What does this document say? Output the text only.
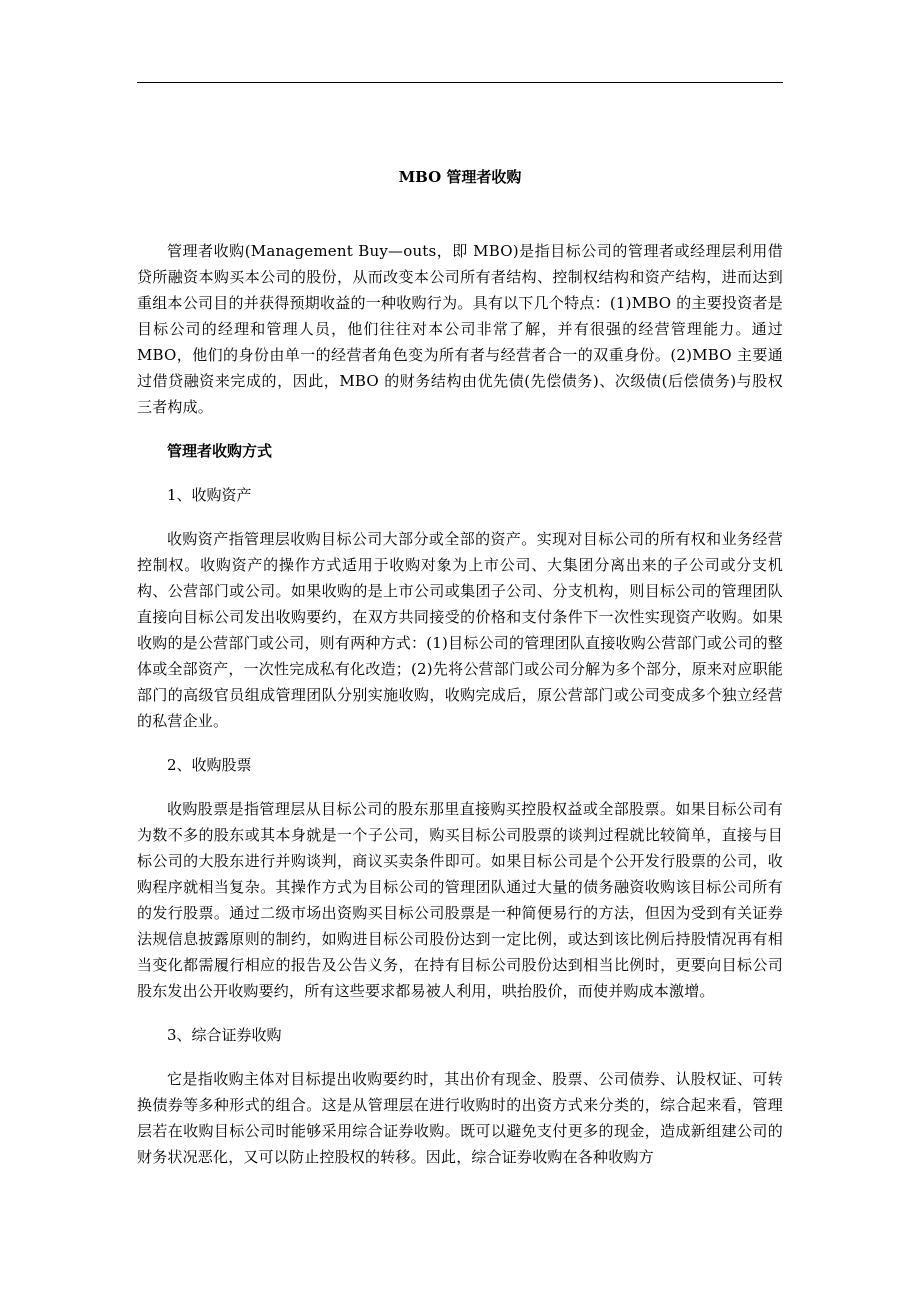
MBO 管理者收购

管理者收购(Management Buy—outs，即 MBO)是指目标公司的管理者或经理层利用借贷所融资本购买本公司的股份，从而改变本公司所有者结构、控制权结构和资产结构，进而达到重组本公司目的并获得预期收益的一种收购行为。具有以下几个特点：(1)MBO 的主要投资者是目标公司的经理和管理人员，他们往往对本公司非常了解，并有很强的经营管理能力。通过 MBO，他们的身份由单一的经营者角色变为所有者与经营者合一的双重身份。(2)MBO 主要通过借贷融资来完成的，因此，MBO 的财务结构由优先债(先偿债务)、次级债(后偿债务)与股权三者构成。

管理者收购方式
1、收购资产

收购资产指管理层收购目标公司大部分或全部的资产。实现对目标公司的所有权和业务经营控制权。收购资产的操作方式适用于收购对象为上市公司、大集团分离出来的子公司或分支机构、公营部门或公司。如果收购的是上市公司或集团子公司、分支机构，则目标公司的管理团队直接向目标公司发出收购要约，在双方共同接受的价格和支付条件下一次性实现资产收购。如果收购的是公营部门或公司，则有两种方式：(1)目标公司的管理团队直接收购公营部门或公司的整体或全部资产，一次性完成私有化改造；(2)先将公营部门或公司分解为多个部分，原来对应职能部门的高级官员组成管理团队分别实施收购，收购完成后，原公营部门或公司变成多个独立经营的私营企业。

2、收购股票

收购股票是指管理层从目标公司的股东那里直接购买控股权益或全部股票。如果目标公司有为数不多的股东或其本身就是一个子公司，购买目标公司股票的谈判过程就比较简单，直接与目标公司的大股东进行并购谈判，商议买卖条件即可。如果目标公司是个公开发行股票的公司，收购程序就相当复杂。其操作方式为目标公司的管理团队通过大量的债务融资收购该目标公司所有的发行股票。通过二级市场出资购买目标公司股票是一种简便易行的方法，但因为受到有关证券法规信息披露原则的制约，如购进目标公司股份达到一定比例，或达到该比例后持股情况再有相当变化都需履行相应的报告及公告义务，在持有目标公司股份达到相当比例时，更要向目标公司股东发出公开收购要约，所有这些要求都易被人利用，哄抬股价，而使并购成本激增。

3、综合证券收购

它是指收购主体对目标提出收购要约时，其出价有现金、股票、公司债券、认股权证、可转换债券等多种形式的组合。这是从管理层在进行收购时的出资方式来分类的，综合起来看，管理层若在收购目标公司时能够采用综合证券收购。既可以避免支付更多的现金，造成新组建公司的财务状况恶化，又可以防止控股权的转移。因此，综合证券收购在各种收购方
